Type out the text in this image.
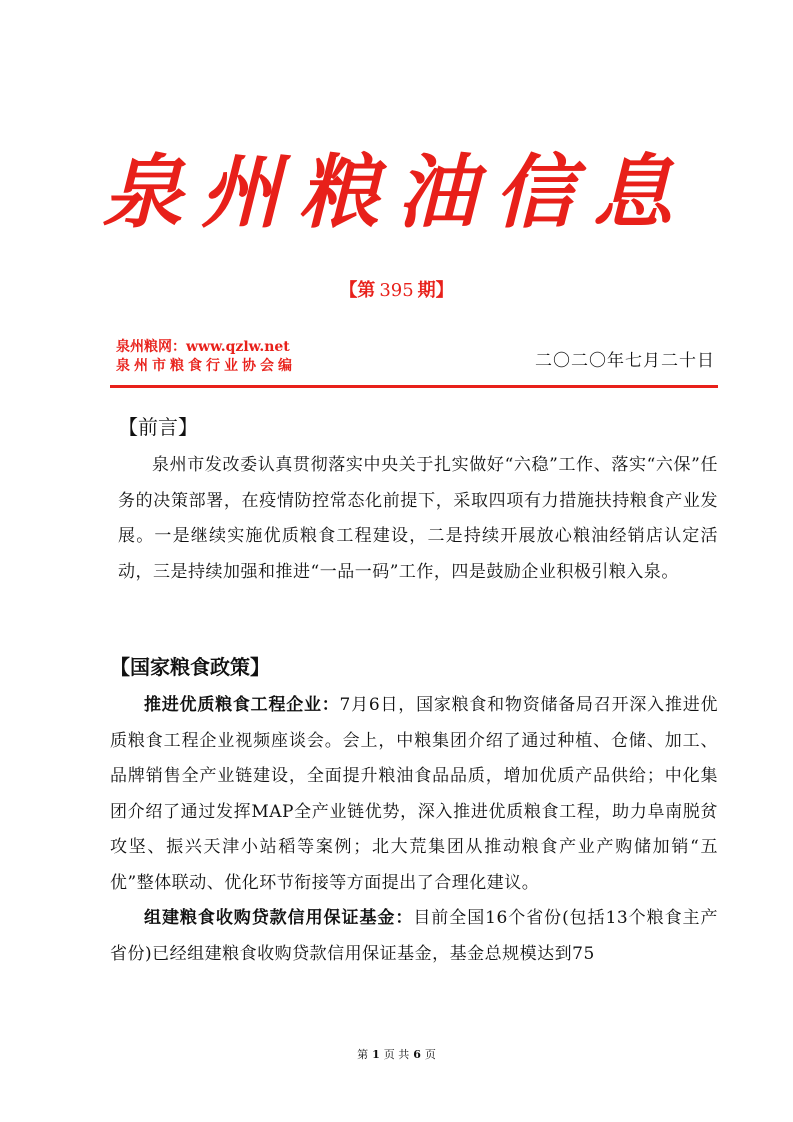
泉州粮油信息
【第 395 期】
泉州粮网：www.qzlw.net
泉州市粮食行业协会编	二〇二〇年七月二十日

【前言】

泉州市发改委认真贯彻落实中央关于扎实做好“六稳”工作、落实“六保”任务的决策部署，在疫情防控常态化前提下，采取四项有力措施扶持粮食产业发展。一是继续实施优质粮食工程建设，二是持续开展放心粮油经销店认定活动，三是持续加强和推进“一品一码”工作，四是鼓励企业积极引粮入泉。

【国家粮食政策】

推进优质粮食工程企业：7月6日，国家粮食和物资储备局召开深入推进优质粮食工程企业视频座谈会。会上，中粮集团介绍了通过种植、仓储、加工、品牌销售全产业链建设，全面提升粮油食品品质，增加优质产品供给；中化集团介绍了通过发挥MAP全产业链优势，深入推进优质粮食工程，助力阜南脱贫攻坚、振兴天津小站稻等案例；北大荒集团从推动粮食产业产购储加销“五优”整体联动、优化环节衔接等方面提出了合理化建议。

组建粮食收购贷款信用保证基金：目前全国16个省份(包括13个粮食主产省份)已经组建粮食收购贷款信用保证基金，基金总规模达到75

第 1 页 共 6 页
